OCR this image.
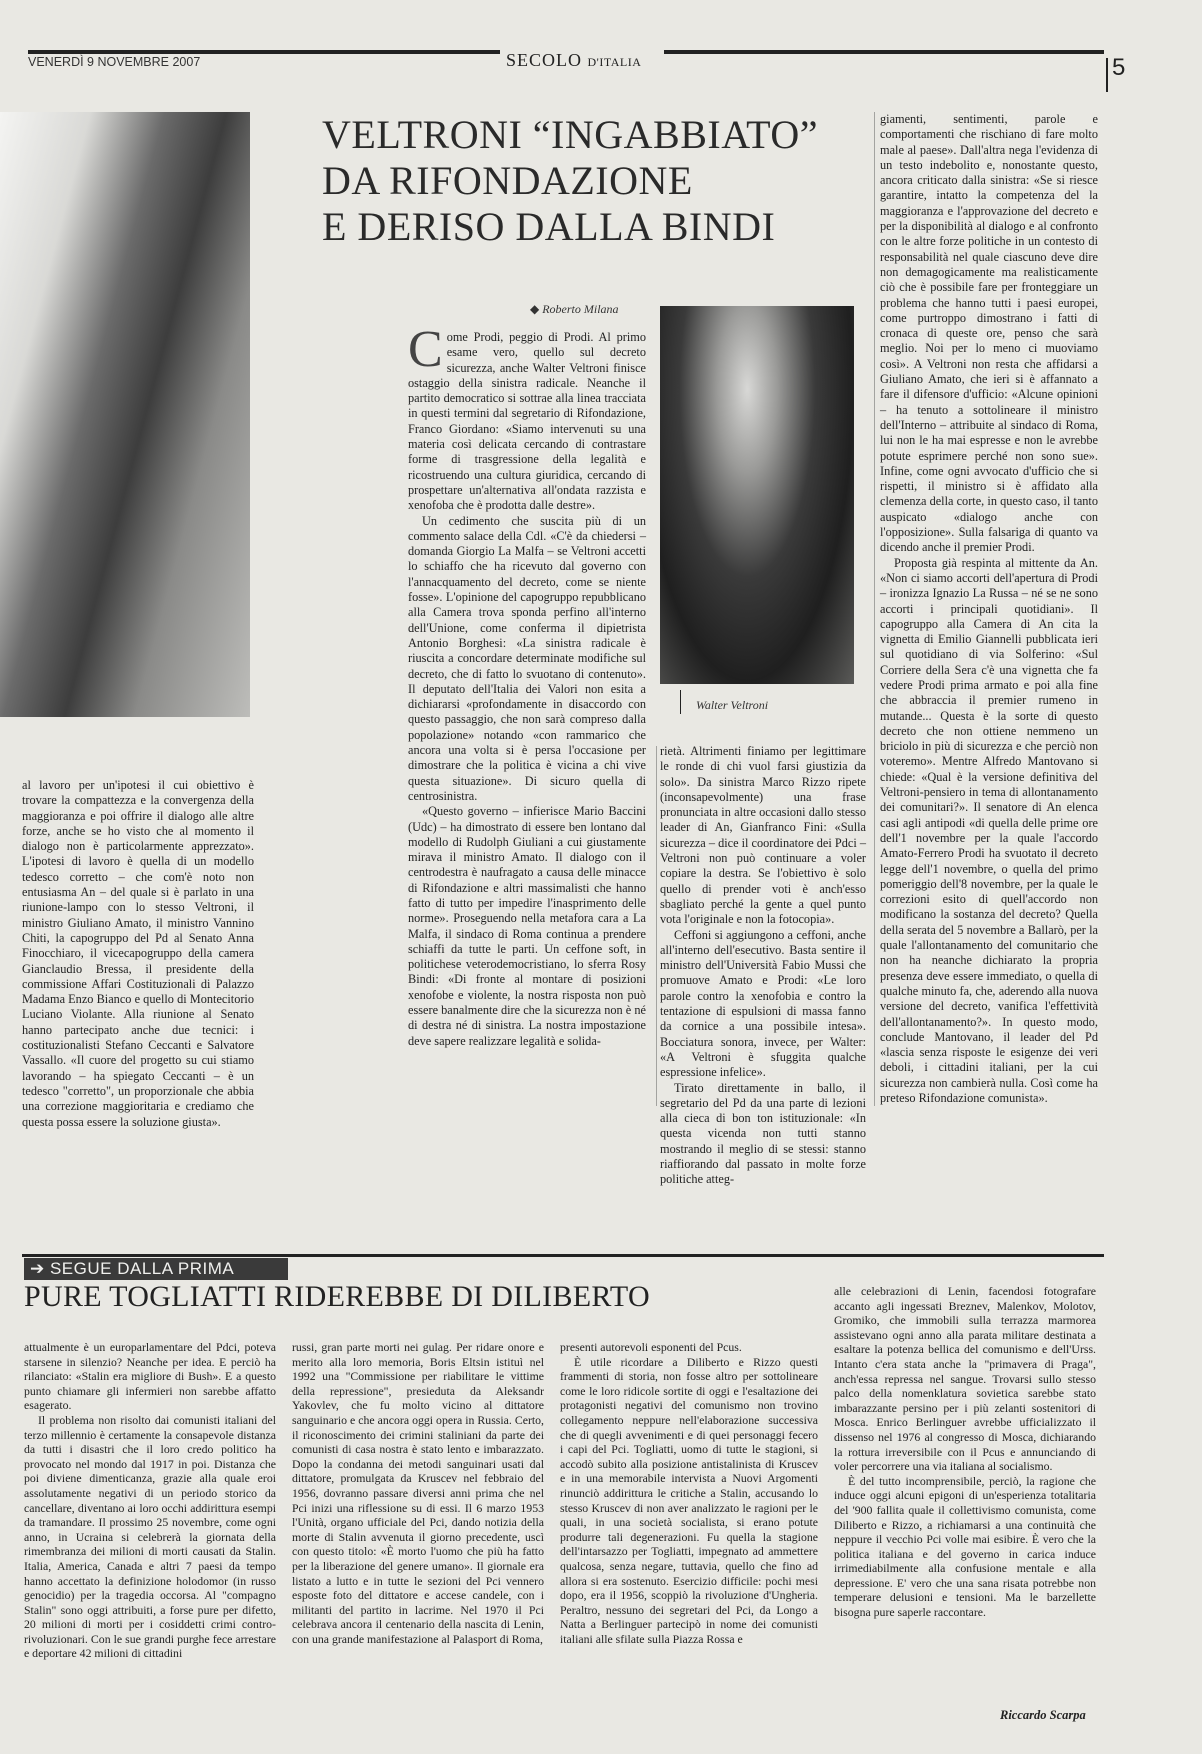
VENERDÌ 9 NOVEMBRE 2007	SECOLO D'ITALIA	5
VELTRONI “INGABBIATO”
DA RIFONDAZIONE
E DERISO DALLA BINDI
◆ Roberto Milana

Come Prodi, peggio di Prodi. Al primo esame vero, quello sul decreto sicurezza, anche Walter Veltroni finisce ostaggio della sinistra radicale. Neanche il partito democratico si sottrae alla linea tracciata in questi termini dal segretario di Rifondazione, Franco Giordano: «Siamo intervenuti su una materia così delicata cercando di contrastare forme di trasgressione della legalità e ricostruendo una cultura giuridica, cercando di prospettare un'alternativa all'ondata razzista e xenofoba che è prodotta dalle destre».

Un cedimento che suscita più di un commento salace della Cdl. «C'è da chiedersi – domanda Giorgio La Malfa – se Veltroni accetti lo schiaffo che ha ricevuto dal governo con l'annacquamento del decreto, come se niente fosse». L'opinione del capogruppo repubblicano alla Camera trova sponda perfino all'interno dell'Unione, come conferma il dipietrista Antonio Borghesi: «La sinistra radicale è riuscita a concordare determinate modifiche sul decreto, che di fatto lo svuotano di contenuto». Il deputato dell'Italia dei Valori non esita a dichiararsi «profondamente in disaccordo con questo passaggio, che non sarà compreso dalla popolazione» notando «con rammarico che ancora una volta si è persa l'occasione per dimostrare che la politica è vicina a chi vive questa situazione». Di sicuro quella di centrosinistra.

«Questo governo – infierisce Mario Baccini (Udc) – ha dimostrato di essere ben lontano dal modello di Rudolph Giuliani a cui giustamente mirava il ministro Amato. Il dialogo con il centrodestra è naufragato a causa delle minacce di Rifondazione e altri massimalisti che hanno fatto di tutto per impedire l'inasprimento delle norme». Proseguendo nella metafora cara a La Malfa, il sindaco di Roma continua a prendere schiaffi da tutte le parti. Un ceffone soft, in politichese veterodemocristiano, lo sferra Rosy Bindi: «Di fronte al montare di posizioni xenofobe e violente, la nostra risposta non può essere banalmente dire che la sicurezza non è né di destra né di sinistra. La nostra impostazione deve sapere realizzare legalità e solida-

Walter Veltroni

rietà. Altrimenti finiamo per legittimare le ronde di chi vuol farsi giustizia da solo». Da sinistra Marco Rizzo ripete (inconsapevolmente) una frase pronunciata in altre occasioni dallo stesso leader di An, Gianfranco Fini: «Sulla sicurezza – dice il coordinatore dei Pdci – Veltroni non può continuare a voler copiare la destra. Se l'obiettivo è solo quello di prender voti è anch'esso sbagliato perché la gente a quel punto vota l'originale e non la fotocopia».

Ceffoni si aggiungono a ceffoni, anche all'interno dell'esecutivo. Basta sentire il ministro dell'Università Fabio Mussi che promuove Amato e Prodi: «Le loro parole contro la xenofobia e contro la tentazione di espulsioni di massa fanno da cornice a una possibile intesa». Bocciatura sonora, invece, per Walter: «A Veltroni è sfuggita qualche espressione infelice».

Tirato direttamente in ballo, il segretario del Pd da una parte di lezioni alla cieca di bon ton istituzionale: «In questa vicenda non tutti stanno mostrando il meglio di se stessi: stanno riaffiorando dal passato in molte forze politiche atteg-

giamenti, sentimenti, parole e comportamenti che rischiano di fare molto male al paese». Dall'altra nega l'evidenza di un testo indebolito e, nonostante questo, ancora criticato dalla sinistra: «Se si riesce garantire, intatto la competenza del la maggioranza e l'approvazione del decreto e per la disponibilità al dialogo e al confronto con le altre forze politiche in un contesto di responsabilità nel quale ciascuno deve dire non demagogicamente ma realisticamente ciò che è possibile fare per fronteggiare un problema che hanno tutti i paesi europei, come purtroppo dimostrano i fatti di cronaca di queste ore, penso che sarà meglio. Noi per lo meno ci muoviamo così». A Veltroni non resta che affidarsi a Giuliano Amato, che ieri si è affannato a fare il difensore d'ufficio: «Alcune opinioni – ha tenuto a sottolineare il ministro dell'Interno – attribuite al sindaco di Roma, lui non le ha mai espresse e non le avrebbe potute esprimere perché non sono sue». Infine, come ogni avvocato d'ufficio che si rispetti, il ministro si è affidato alla clemenza della corte, in questo caso, il tanto auspicato «dialogo anche con l'opposizione». Sulla falsariga di quanto va dicendo anche il premier Prodi.

Proposta già respinta al mittente da An. «Non ci siamo accorti dell'apertura di Prodi – ironizza Ignazio La Russa – né se ne sono accorti i principali quotidiani». Il capogruppo alla Camera di An cita la vignetta di Emilio Giannelli pubblicata ieri sul quotidiano di via Solferino: «Sul Corriere della Sera c'è una vignetta che fa vedere Prodi prima armato e poi alla fine che abbraccia il premier rumeno in mutande... Questa è la sorte di questo decreto che non ottiene nemmeno un briciolo in più di sicurezza e che perciò non voteremo». Mentre Alfredo Mantovano si chiede: «Qual è la versione definitiva del Veltroni-pensiero in tema di allontanamento dei comunitari?». Il senatore di An elenca casi agli antipodi «di quella delle prime ore dell'1 novembre per la quale l'accordo Amato-Ferrero Prodi ha svuotato il decreto legge dell'1 novembre, o quella del primo pomeriggio dell'8 novembre, per la quale le correzioni esito di quell'accordo non modificano la sostanza del decreto? Quella della serata del 5 novembre a Ballarò, per la quale l'allontanamento del comunitario che non ha neanche dichiarato la propria presenza deve essere immediato, o quella di qualche minuto fa, che, aderendo alla nuova versione del decreto, vanifica l'effettività dell'allontanamento?». In questo modo, conclude Mantovano, il leader del Pd «lascia senza risposte le esigenze dei veri deboli, i cittadini italiani, per la cui sicurezza non cambierà nulla. Così come ha preteso Rifondazione comunista».

al lavoro per un'ipotesi il cui obiettivo è trovare la compattezza e la convergenza della maggioranza e poi offrire il dialogo alle altre forze, anche se ho visto che al momento il dialogo non è particolarmente apprezzato». L'ipotesi di lavoro è quella di un modello tedesco corretto – che com'è noto non entusiasma An – del quale si è parlato in una riunione-lampo con lo stesso Veltroni, il ministro Giuliano Amato, il ministro Vannino Chiti, la capogruppo del Pd al Senato Anna Finocchiaro, il vicecapogruppo della camera Gianclaudio Bressa, il presidente della commissione Affari Costituzionali di Palazzo Madama Enzo Bianco e quello di Montecitorio Luciano Violante. Alla riunione al Senato hanno partecipato anche due tecnici: i costituzionalisti Stefano Ceccanti e Salvatore Vassallo. «Il cuore del progetto su cui stiamo lavorando – ha spiegato Ceccanti – è un tedesco "corretto", un proporzionale che abbia una correzione maggioritaria e crediamo che questa possa essere la soluzione giusta».

➔ SEGUE DALLA PRIMA
PURE TOGLIATTI RIDEREBBE DI DILIBERTO

attualmente è un europarlamentare del Pdci, poteva starsene in silenzio? Neanche per idea. E perciò ha rilanciato: «Stalin era migliore di Bush». E a questo punto chiamare gli infermieri non sarebbe affatto esagerato.

Il problema non risolto dai comunisti italiani del terzo millennio è certamente la consapevole distanza da tutti i disastri che il loro credo politico ha provocato nel mondo dal 1917 in poi. Distanza che poi diviene dimenticanza, grazie alla quale eroi assolutamente negativi di un periodo storico da cancellare, diventano ai loro occhi addirittura esempi da tramandare. Il prossimo 25 novembre, come ogni anno, in Ucraina si celebrerà la giornata della rimembranza dei milioni di morti causati da Stalin. Italia, America, Canada e altri 7 paesi da tempo hanno accettato la definizione holodomor (in russo genocidio) per la tragedia occorsa. Al "compagno Stalin" sono oggi attribuiti, a forse pure per difetto, 20 milioni di morti per i cosiddetti crimi contro-rivoluzionari. Con le sue grandi purghe fece arrestare e deportare 42 milioni di cittadini

russi, gran parte morti nei gulag. Per ridare onore e merito alla loro memoria, Boris Eltsin istituì nel 1992 una "Commissione per riabilitare le vittime della repressione", presieduta da Aleksandr Yakovlev, che fu molto vicino al dittatore sanguinario e che ancora oggi opera in Russia. Certo, il riconoscimento dei crimini staliniani da parte dei comunisti di casa nostra è stato lento e imbarazzato. Dopo la condanna dei metodi sanguinari usati dal dittatore, promulgata da Kruscev nel febbraio del 1956, dovranno passare diversi anni prima che nel Pci inizi una riflessione su di essi. Il 6 marzo 1953 l'Unità, organo ufficiale del Pci, dando notizia della morte di Stalin avvenuta il giorno precedente, uscì con questo titolo: «È morto l'uomo che più ha fatto per la liberazione del genere umano». Il giornale era listato a lutto e in tutte le sezioni del Pci vennero esposte foto del dittatore e accese candele, con i militanti del partito in lacrime. Nel 1970 il Pci celebrava ancora il centenario della nascita di Lenin, con una grande manifestazione al Palasport di Roma,

presenti autorevoli esponenti del Pcus.

È utile ricordare a Diliberto e Rizzo questi frammenti di storia, non fosse altro per sottolineare come le loro ridicole sortite di oggi e l'esaltazione dei protagonisti negativi del comunismo non trovino collegamento neppure nell'elaborazione successiva che di quegli avvenimenti e di quei personaggi fecero i capi del Pci. Togliatti, uomo di tutte le stagioni, si accodò subito alla posizione antistalinista di Kruscev e in una memorabile intervista a Nuovi Argomenti rinunciò addirittura le critiche a Stalin, accusando lo stesso Kruscev di non aver analizzato le ragioni per le quali, in una società socialista, si erano potute produrre tali degenerazioni. Fu quella la stagione dell'intarsazzo per Togliatti, impegnato ad ammettere qualcosa, senza negare, tuttavia, quello che fino ad allora si era sostenuto. Esercizio difficile: pochi mesi dopo, era il 1956, scoppiò la rivoluzione d'Ungheria. Peraltro, nessuno dei segretari del Pci, da Longo a Natta a Berlinguer partecipò in nome dei comunisti italiani alle sfilate sulla Piazza Rossa e

alle celebrazioni di Lenin, facendosi fotografare accanto agli ingessati Breznev, Malenkov, Molotov, Gromiko, che immobili sulla terrazza marmorea assistevano ogni anno alla parata militare destinata a esaltare la potenza bellica del comunismo e dell'Urss. Intanto c'era stata anche la "primavera di Praga", anch'essa repressa nel sangue. Trovarsi sullo stesso palco della nomenklatura sovietica sarebbe stato imbarazzante persino per i più zelanti sostenitori di Mosca. Enrico Berlinguer avrebbe ufficializzato il dissenso nel 1976 al congresso di Mosca, dichiarando la rottura irreversibile con il Pcus e annunciando di voler percorrere una via italiana al socialismo.

È del tutto incomprensibile, perciò, la ragione che induce oggi alcuni epigoni di un'esperienza totalitaria del '900 fallita quale il collettivismo comunista, come Diliberto e Rizzo, a richiamarsi a una continuità che neppure il vecchio Pci volle mai esibire. È vero che la politica italiana e del governo in carica induce irrimediabilmente alla confusione mentale e alla depressione. E' vero che una sana risata potrebbe non temperare delusioni e tensioni. Ma le barzellette bisogna pure saperle raccontare.

Riccardo Scarpa
